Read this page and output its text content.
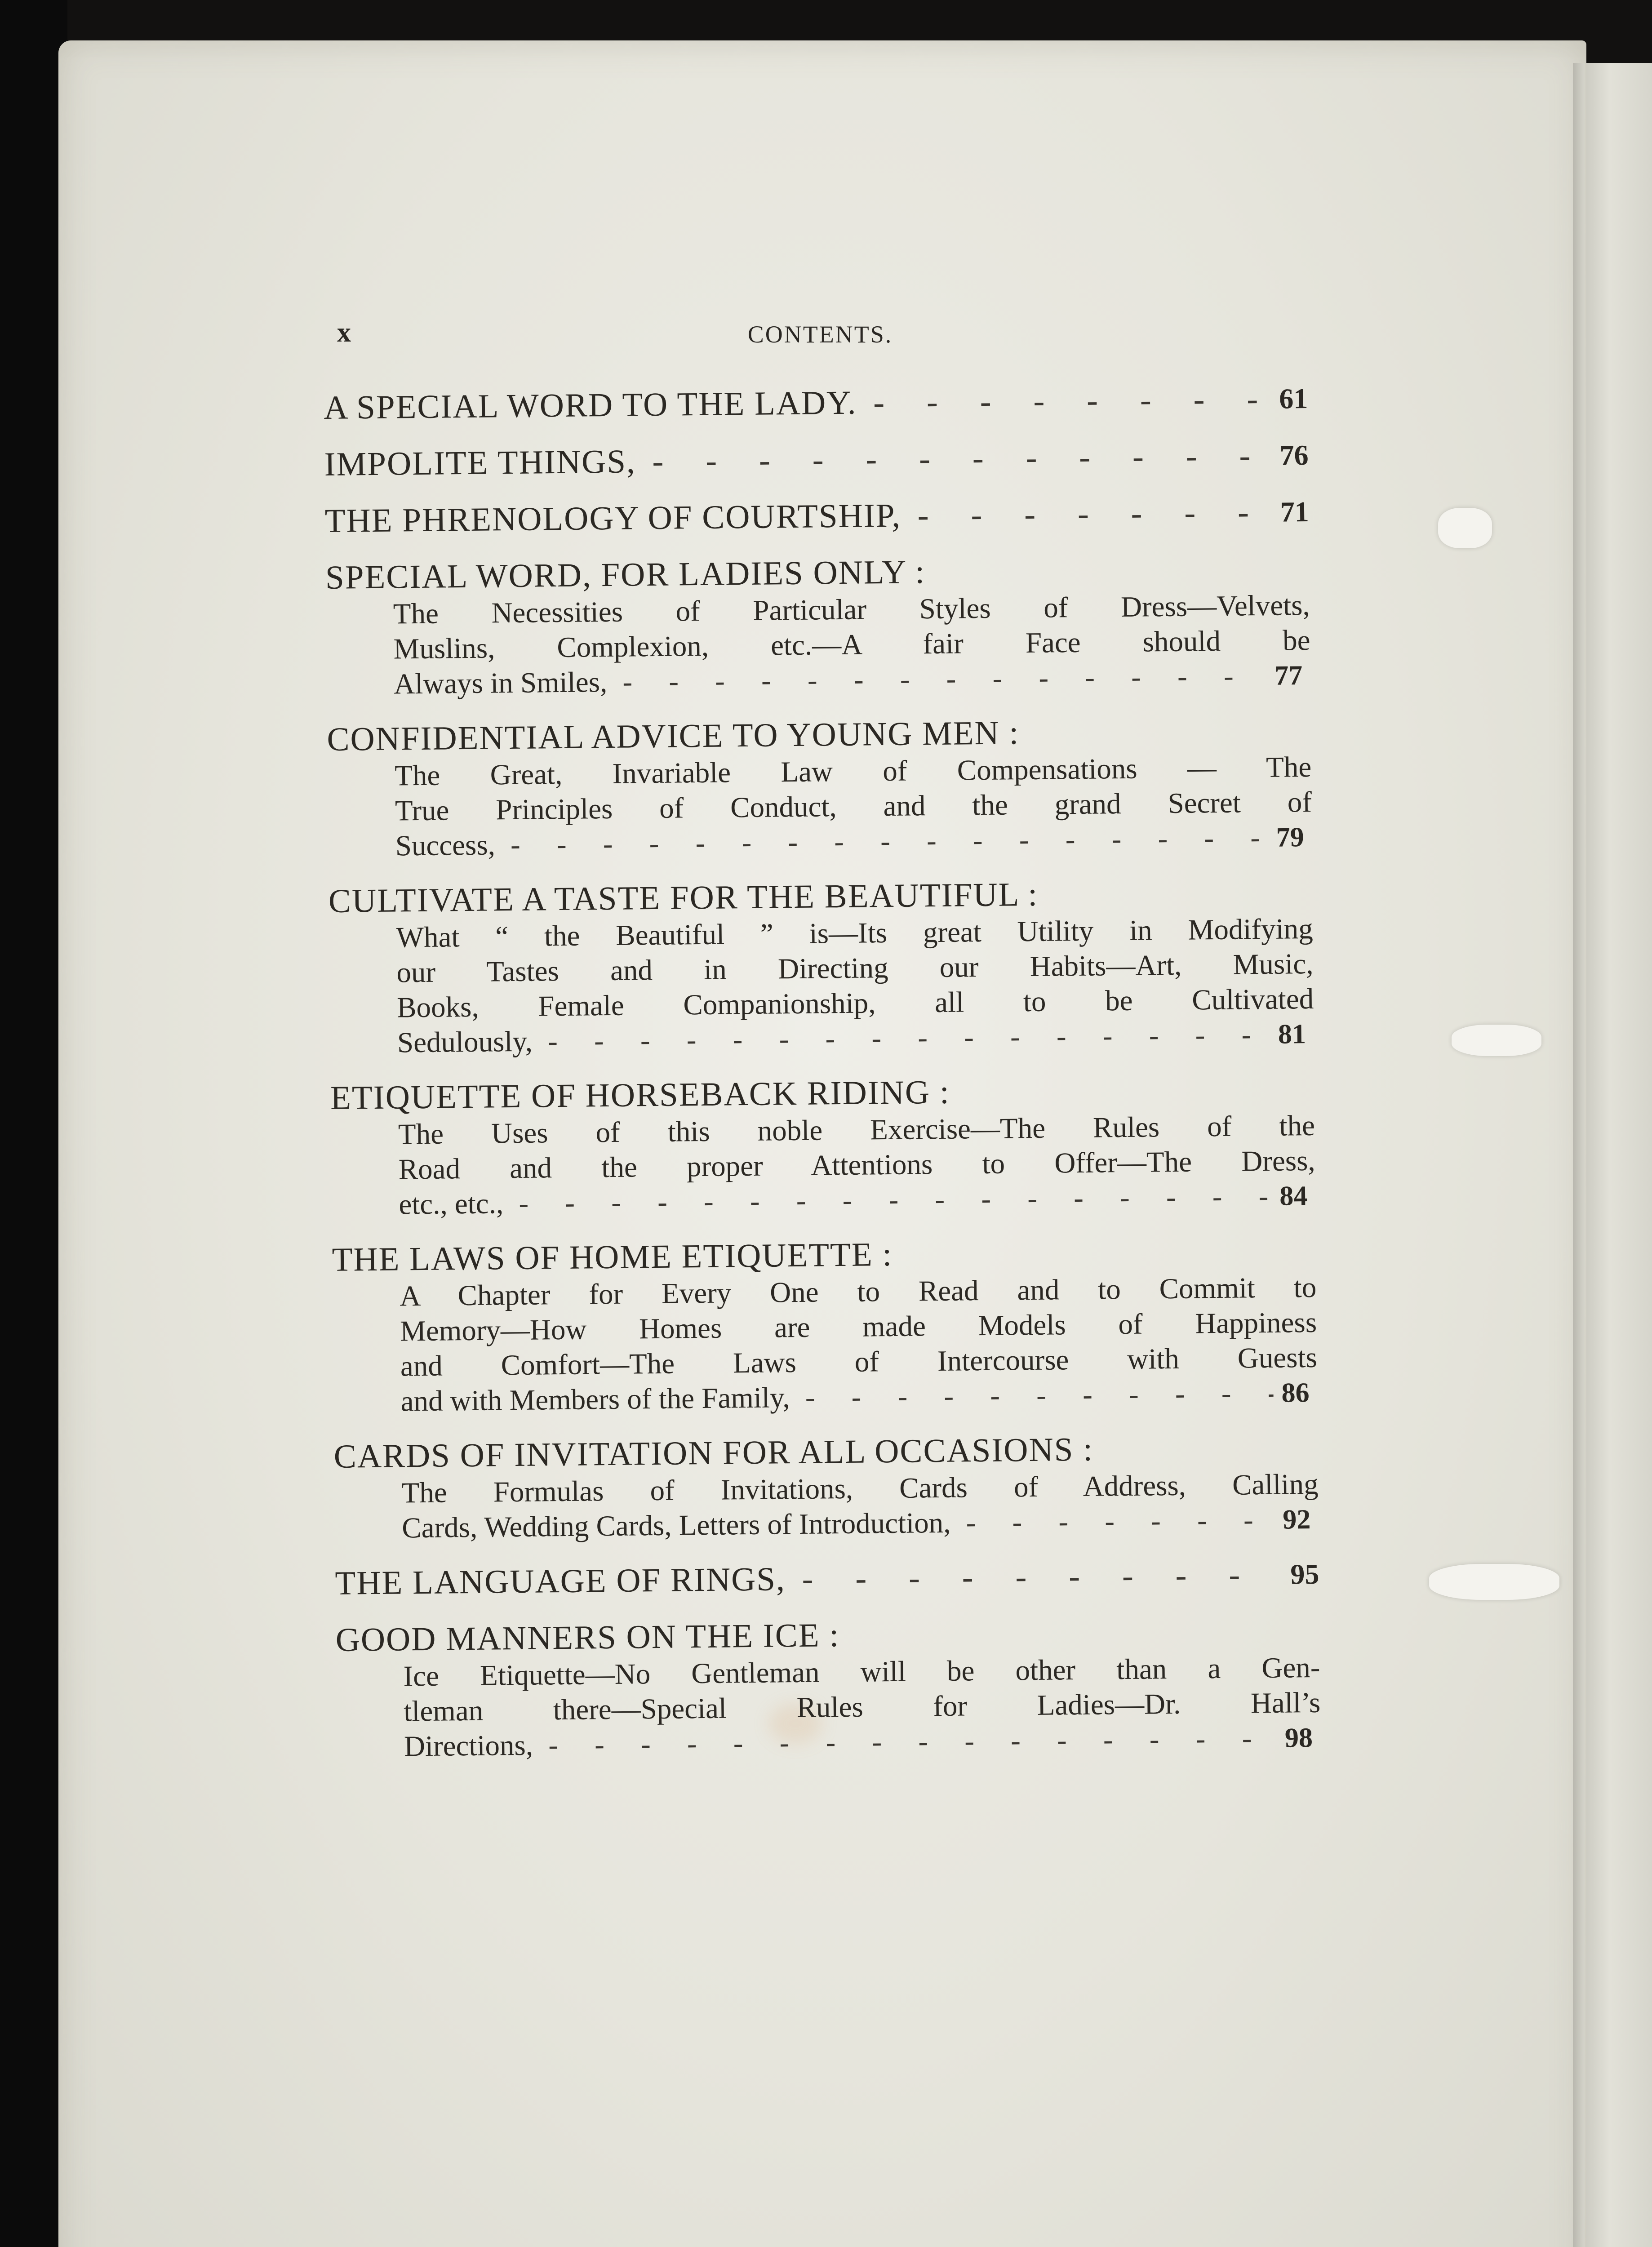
x	CONTENTS.
A SPECIAL WORD TO THE LADY. -	61
IMPOLITE THINGS, -	76
THE PHRENOLOGY OF COURTSHIP, -	71
SPECIAL WORD, FOR LADIES ONLY :

The Necessities of Particular Styles of Dress—Velvets,

Muslins, Complexion, etc.—A fair Face should be

Always in Smiles, -	77

CONFIDENTIAL ADVICE TO YOUNG MEN :

The Great, Invariable Law of Compensations — The

True Principles of Conduct, and the grand Secret of

Success, -	79

CULTIVATE A TASTE FOR THE BEAUTIFUL :

What “ the Beautiful ” is—Its great Utility in Modifying

our Tastes and in Directing our Habits—Art, Music,

Books, Female Companionship, all to be Cultivated

Sedulously, -	81

ETIQUETTE OF HORSEBACK RIDING :

The Uses of this noble Exercise—The Rules of the

Road and the proper Attentions to Offer—The Dress,

etc., etc., -	84

THE LAWS OF HOME ETIQUETTE :

A Chapter for Every One to Read and to Commit to

Memory—How Homes are made Models of Happiness

and Comfort—The Laws of Intercourse with Guests

and with Members of the Family, -	86

CARDS OF INVITATION FOR ALL OCCASIONS :

The Formulas of Invitations, Cards of Address, Calling

Cards, Wedding Cards, Letters of Introduction, -	92

THE LANGUAGE OF RINGS, -	95
GOOD MANNERS ON THE ICE :

Ice Etiquette—No Gentleman will be other than a Gen-

tleman there—Special Rules for Ladies—Dr. Hall’s

Directions, -	98
